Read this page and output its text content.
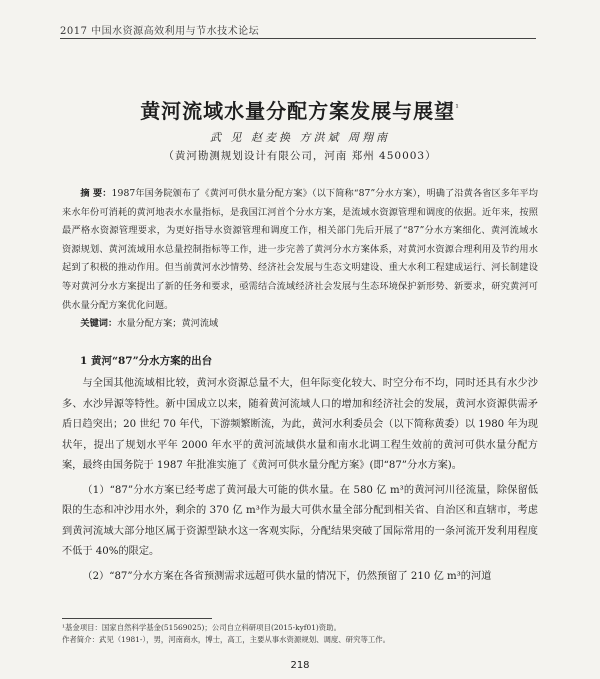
2017 中国水资源高效利用与节水技术论坛
黄河流域水量分配方案发展与展望$^{^1}$
武 见 赵麦换 方洪斌 周翔南
（黄河勘测规划设计有限公司，河南 郑州 450003）
摘 要：1987年国务院颁布了《黄河可供水量分配方案》（以下简称“87”分水方案），明确了沿黄各省区多年平均来水年份可消耗的黄河地表水水量指标，是我国江河首个分水方案，是流域水资源管理和调度的依据。近年来，按照最严格水资源管理要求，为更好指导水资源管理和调度工作，相关部门先后开展了“87”分水方案细化、黄河流域水资源规划、黄河流域用水总量控制指标等工作，进一步完善了黄河分水方案体系，对黄河水资源合理利用及节约用水起到了积极的推动作用。但当前黄河水沙情势、经济社会发展与生态文明建设、重大水利工程建成运行、河长制建设等对黄河分水方案提出了新的任务和要求，亟需结合流域经济社会发展与生态环境保护新形势、新要求，研究黄河可供水量分配方案优化问题。
关键词：水量分配方案；黄河流域
1 黄河“87”分水方案的出台

与全国其他流域相比较，黄河水资源总量不大，但年际变化较大、时空分布不均，同时还具有水少沙多、水沙异源等特性。新中国成立以来，随着黄河流域人口的增加和经济社会的发展，黄河水资源供需矛盾日趋突出；20 世纪 70 年代，下游频繁断流，为此，黄河水利委员会（以下简称黄委）以 1980 年为现状年，提出了规划水平年 2000 年水平的黄河流域供水量和南水北调工程生效前的黄河可供水量分配方案，最终由国务院于 1987 年批准实施了《黄河可供水量分配方案》(即“87”分水方案)。

（1）“87”分水方案已经考虑了黄河最大可能的供水量。在 580 亿 m³的黄河河川径流量，除保留低限的生态和冲沙用水外，剩余的 370 亿 m³作为最大可供水量全部分配到相关省、自治区和直辖市，考虑到黄河流域大部分地区属于资源型缺水这一客观实际，分配结果突破了国际常用的一条河流开发利用程度不低于 40%的限定。

（2）“87”分水方案在各省预测需求远超可供水量的情况下，仍然预留了 210 亿 m³的河道

¹基金项目：国家自然科学基金(51569025)；公司自立科研项目(2015-kyf01)资助。
作者简介：武见（1981-），男，河南商水，博士，高工，主要从事水资源规划、调度、研究等工作。
218
